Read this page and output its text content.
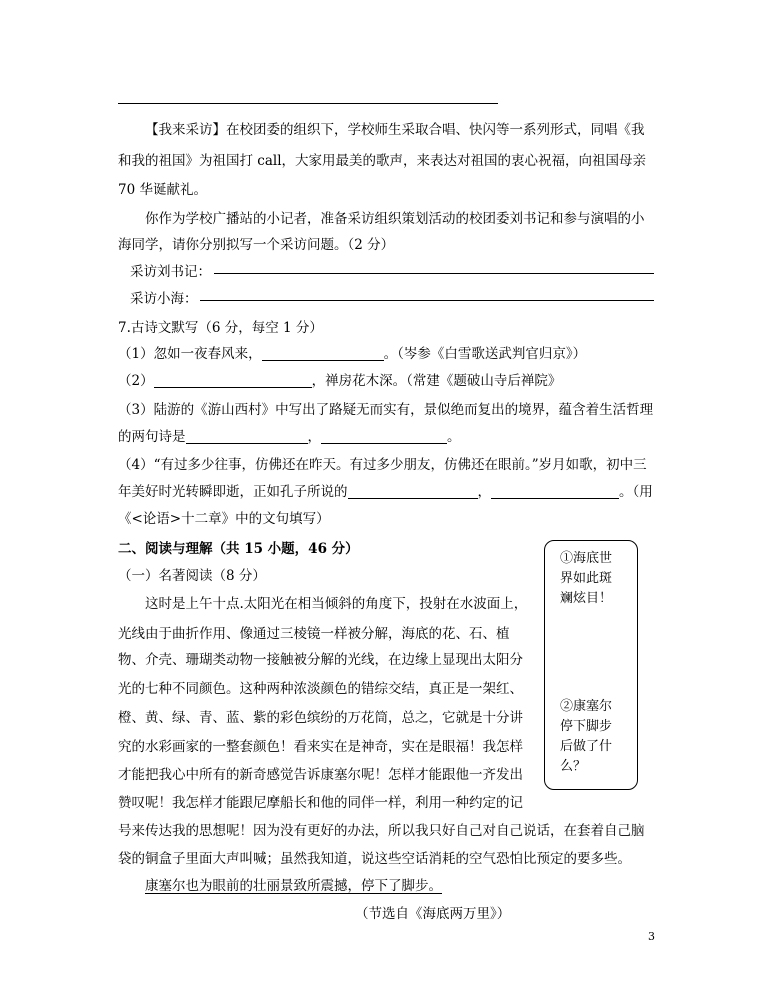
【我来采访】在校团委的组织下，学校师生采取合唱、快闪等一系列形式，同唱《我
和我的祖国》为祖国打 call，大家用最美的歌声，来表达对祖国的衷心祝福，向祖国母亲
70 华诞献礼。
你作为学校广播站的小记者，准备采访组织策划活动的校团委刘书记和参与演唱的小
海同学，请你分别拟写一个采访问题。（2 分）
采访刘书记：
采访小海：
7.古诗文默写（6 分，每空 1 分）
（1）忽如一夜春风来，	。（岑参《白雪歌送武判官归京》）
（2）	，禅房花木深。（常建《题破山寺后禅院》
（3）陆游的《游山西村》中写出了路疑无而实有，景似绝而复出的境界，蕴含着生活哲理
的两句诗是	，	。
（4）“有过多少往事，仿佛还在昨天。有过多少朋友，仿佛还在眼前。”岁月如歌，初中三
年美好时光转瞬即逝，正如孔子所说的	，	。（用
《<论语>十二章》中的文句填写）
二、阅读与理解（共 15 小题，46 分）
（一）名著阅读（8 分）
这时是上午十点.太阳光在相当倾斜的角度下，投射在水波面上，
光线由于曲折作用、像通过三棱镜一样被分解，海底的花、石、植
物、介壳、珊瑚类动物一接触被分解的光线，在边缘上显现出太阳分
光的七种不同颜色。这种两种浓淡颜色的错综交结，真正是一架红、
橙、黄、绿、青、蓝、紫的彩色缤纷的万花筒，总之，它就是十分讲
究的水彩画家的一整套颜色！看来实在是神奇，实在是眼福！我怎样
才能把我心中所有的新奇感觉告诉康塞尔呢！怎样才能跟他一齐发出
赞叹呢！我怎样才能跟尼摩船长和他的同伴一样，利用一种约定的记
号来传达我的思想呢！因为没有更好的办法，所以我只好自己对自己说话，在套着自己脑
袋的铜盒子里面大声叫喊；虽然我知道，说这些空话消耗的空气恐怕比预定的要多些。
康塞尔也为眼前的壮丽景致所震撼，停下了脚步。
（节选自《海底两万里》）
①海底世
界如此斑
斓炫目！
②康塞尔
停下脚步
后做了什
么？
3
